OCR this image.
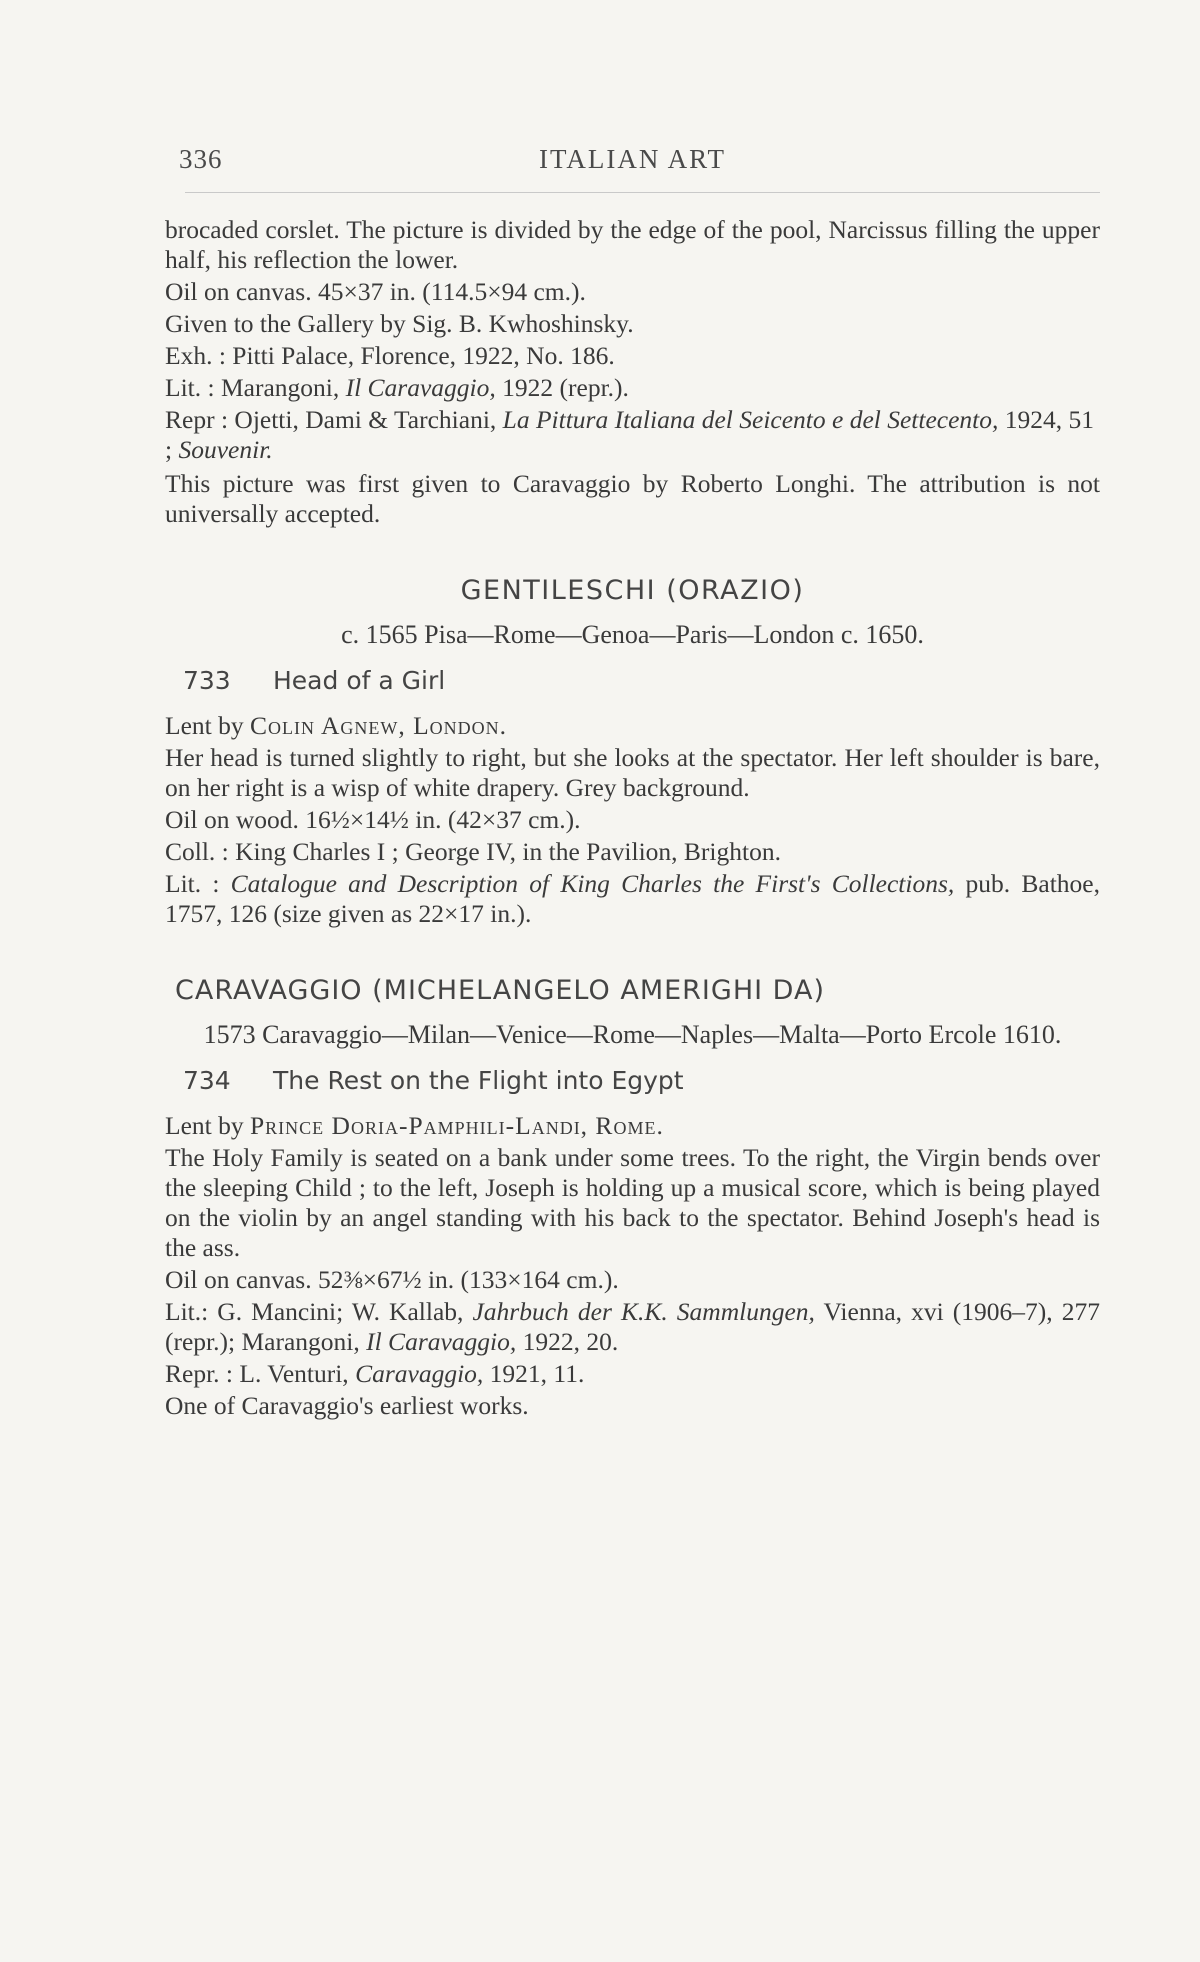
336	ITALIAN ART

brocaded corslet. The picture is divided by the edge of the pool, Narcissus filling the upper half, his reflection the lower.

Oil on canvas. 45×37 in. (114.5×94 cm.).

Given to the Gallery by Sig. B. Kwhoshinsky.

Exh. : Pitti Palace, Florence, 1922, No. 186.

Lit. : Marangoni, Il Caravaggio, 1922 (repr.).

Repr : Ojetti, Dami & Tarchiani, La Pittura Italiana del Seicento e del Settecento, 1924, 51 ; Souvenir.

This picture was first given to Caravaggio by Roberto Longhi. The attribution is not universally accepted.

GENTILESCHI (ORAZIO)
c. 1565 Pisa—Rome—Genoa—Paris—London c. 1650.
733 Head of a Girl

Lent by Colin Agnew, London.

Her head is turned slightly to right, but she looks at the spectator. Her left shoulder is bare, on her right is a wisp of white drapery. Grey background.

Oil on wood. 16½×14½ in. (42×37 cm.).

Coll. : King Charles I ; George IV, in the Pavilion, Brighton.

Lit. : Catalogue and Description of King Charles the First's Collections, pub. Bathoe, 1757, 126 (size given as 22×17 in.).

CARAVAGGIO (MICHELANGELO AMERIGHI DA)
1573 Caravaggio—Milan—Venice—Rome—Naples—Malta—Porto Ercole 1610.
734 The Rest on the Flight into Egypt

Lent by Prince Doria-Pamphili-Landi, Rome.

The Holy Family is seated on a bank under some trees. To the right, the Virgin bends over the sleeping Child ; to the left, Joseph is holding up a musical score, which is being played on the violin by an angel standing with his back to the spectator. Behind Joseph's head is the ass.

Oil on canvas. 52⅜×67½ in. (133×164 cm.).

Lit.: G. Mancini; W. Kallab, Jahrbuch der K.K. Sammlungen, Vienna, xvi (1906–7), 277 (repr.); Marangoni, Il Caravaggio, 1922, 20.

Repr. : L. Venturi, Caravaggio, 1921, 11.

One of Caravaggio's earliest works.
